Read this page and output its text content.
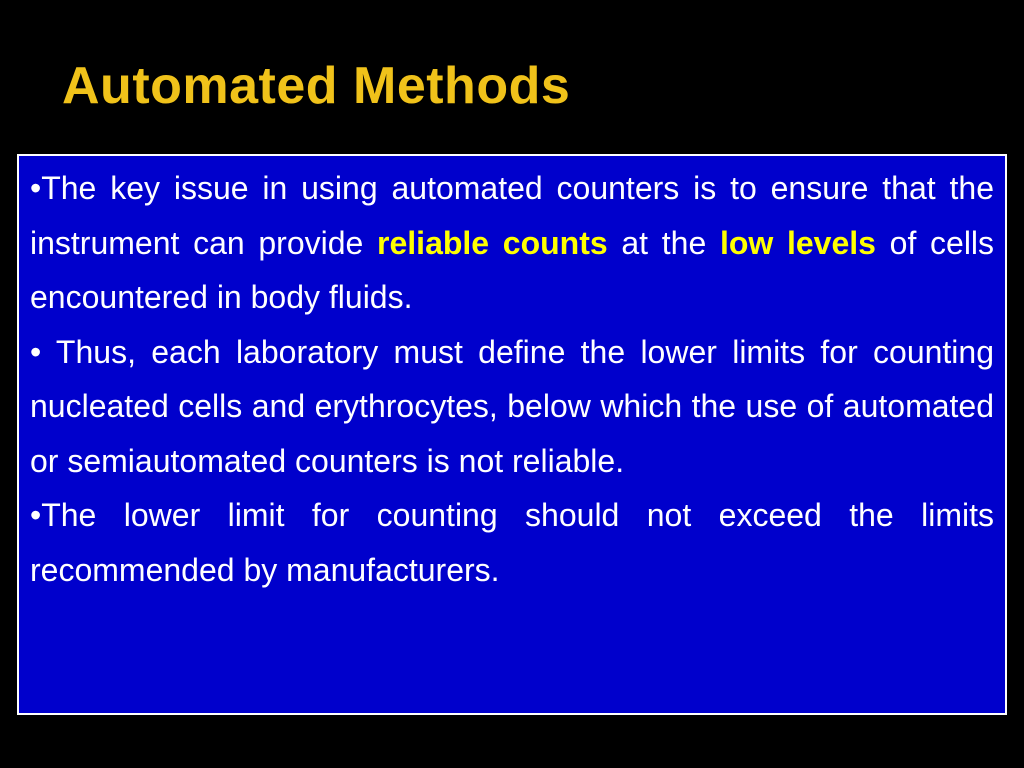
Automated Methods

•The key issue in using automated counters is to ensure that the instrument can provide reliable counts at the low levels of cells encountered in body fluids.

• Thus, each laboratory must define the lower limits for counting nucleated cells and erythrocytes, below which the use of automated or semiautomated counters is not reliable.

•The lower limit for counting should not exceed the limits recommended by manufacturers.
